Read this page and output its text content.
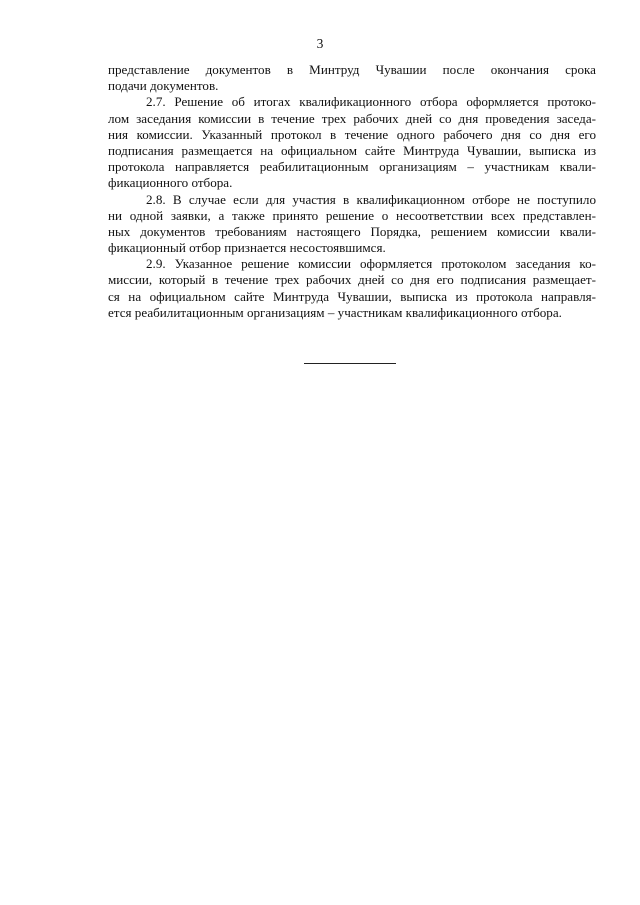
3
представление документов в Минтруд Чувашии после окончания срока
подачи документов.
2.7. Решение об итогах квалификационного отбора оформляется протоко-
лом заседания комиссии в течение трех рабочих дней со дня проведения заседа-
ния комиссии. Указанный протокол в течение одного рабочего дня со дня его
подписания размещается на официальном сайте Минтруда Чувашии, выписка из
протокола направляется реабилитационным организациям – участникам квали-
фикационного отбора.
2.8. В случае если для участия в квалификационном отборе не поступило
ни одной заявки, а также принято решение о несоответствии всех представлен-
ных документов требованиям настоящего Порядка, решением комиссии квали-
фикационный отбор признается несостоявшимся.
2.9. Указанное решение комиссии оформляется протоколом заседания ко-
миссии, который в течение трех рабочих дней со дня его подписания размещает-
ся на официальном сайте Минтруда Чувашии, выписка из протокола направля-
ется реабилитационным организациям – участникам квалификационного отбора.
